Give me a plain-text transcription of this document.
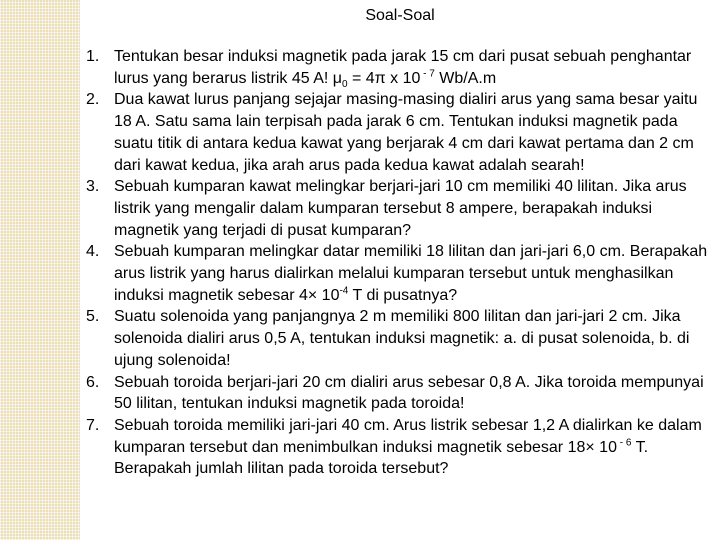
Soal-Soal
1. Tentukan besar induksi magnetik pada jarak 15 cm dari pusat sebuah penghantar lurus yang berarus listrik 45 A! $\mu_0 = 4\pi$ x 10 $^{- 7}$ Wb/A.m
2. Dua kawat lurus panjang sejajar masing-masing dialiri arus yang sama besar yaitu 18 A. Satu sama lain terpisah pada jarak 6 cm. Tentukan induksi magnetik pada suatu titik di antara kedua kawat yang berjarak 4 cm dari kawat pertama dan 2 cm dari kawat kedua, jika arah arus pada kedua kawat adalah searah!
3. Sebuah kumparan kawat melingkar berjari-jari 10 cm memiliki 40 lilitan. Jika arus listrik yang mengalir dalam kumparan tersebut 8 ampere, berapakah induksi magnetik yang terjadi di pusat kumparan?
4. Sebuah kumparan melingkar datar memiliki 18 lilitan dan jari-jari 6,0 cm. Berapakah arus listrik yang harus dialirkan melalui kumparan tersebut untuk menghasilkan induksi magnetik sebesar $4\times 10^{-4}$ T di pusatnya?
5. Suatu solenoida yang panjangnya 2 m memiliki 800 lilitan dan jari-jari 2 cm. Jika solenoida dialiri arus 0,5 A, tentukan induksi magnetik: a. di pusat solenoida, b. di ujung solenoida!
6. Sebuah toroida berjari-jari 20 cm dialiri arus sebesar 0,8 A. Jika toroida mempunyai 50 lilitan, tentukan induksi magnetik pada toroida!
7. Sebuah toroida memiliki jari-jari 40 cm. Arus listrik sebesar 1,2 A dialirkan ke dalam kumparan tersebut dan menimbulkan induksi magnetik sebesar 18× 10 $^{- 6}$ T. Berapakah jumlah lilitan pada toroida tersebut?
